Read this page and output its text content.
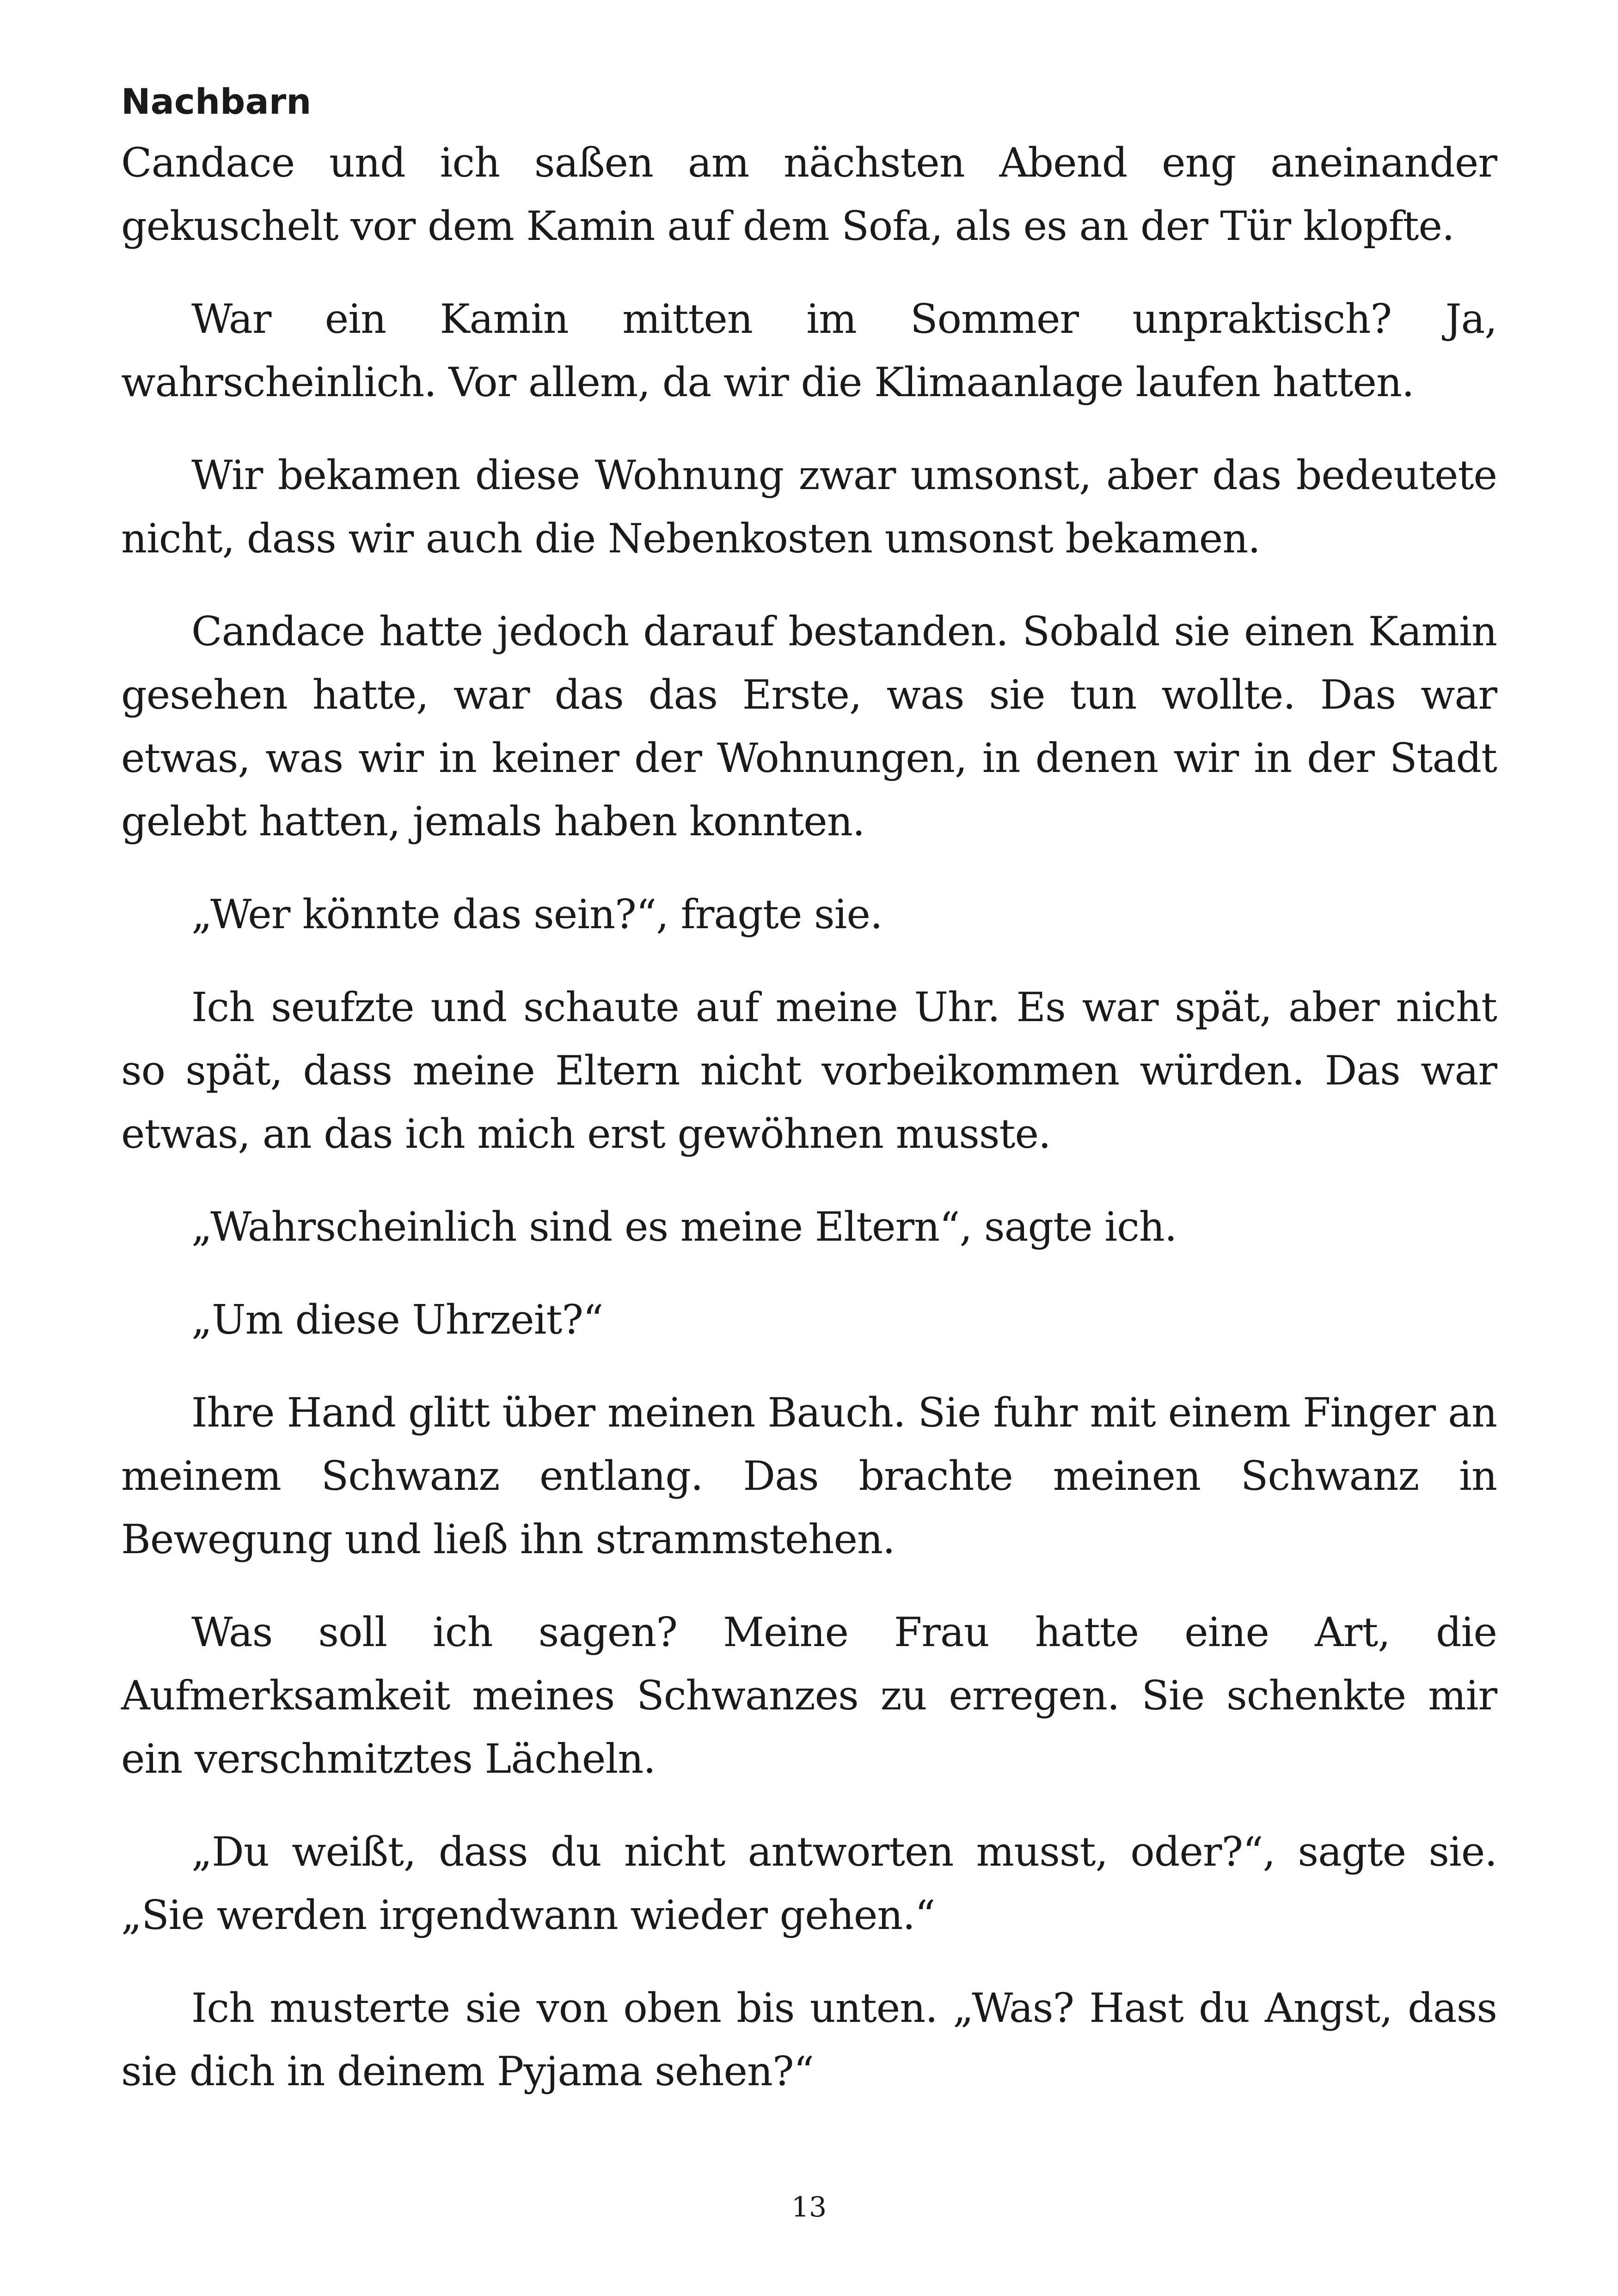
Nachbarn

Candace und ich saßen am nächsten Abend eng aneinander gekuschelt vor dem Kamin auf dem Sofa, als es an der Tür klopfte.

War ein Kamin mitten im Sommer unpraktisch? Ja, wahrscheinlich. Vor allem, da wir die Klimaanlage laufen hatten.

Wir bekamen diese Wohnung zwar umsonst, aber das bedeutete nicht, dass wir auch die Nebenkosten umsonst bekamen.

Candace hatte jedoch darauf bestanden. Sobald sie einen Kamin gesehen hatte, war das das Erste, was sie tun wollte. Das war etwas, was wir in keiner der Wohnungen, in denen wir in der Stadt gelebt hatten, jemals haben konnten.

„Wer könnte das sein?“, fragte sie.

Ich seufzte und schaute auf meine Uhr. Es war spät, aber nicht so spät, dass meine Eltern nicht vorbeikommen würden. Das war etwas, an das ich mich erst gewöhnen musste.

„Wahrscheinlich sind es meine Eltern“, sagte ich.

„Um diese Uhrzeit?“

Ihre Hand glitt über meinen Bauch. Sie fuhr mit einem Finger an meinem Schwanz entlang. Das brachte meinen Schwanz in Bewegung und ließ ihn strammstehen.

Was soll ich sagen? Meine Frau hatte eine Art, die Aufmerksamkeit meines Schwanzes zu erregen. Sie schenkte mir ein verschmitztes Lächeln.

„Du weißt, dass du nicht antworten musst, oder?“, sagte sie. „Sie werden irgendwann wieder gehen.“

Ich musterte sie von oben bis unten. „Was? Hast du Angst, dass sie dich in deinem Pyjama sehen?“

13
